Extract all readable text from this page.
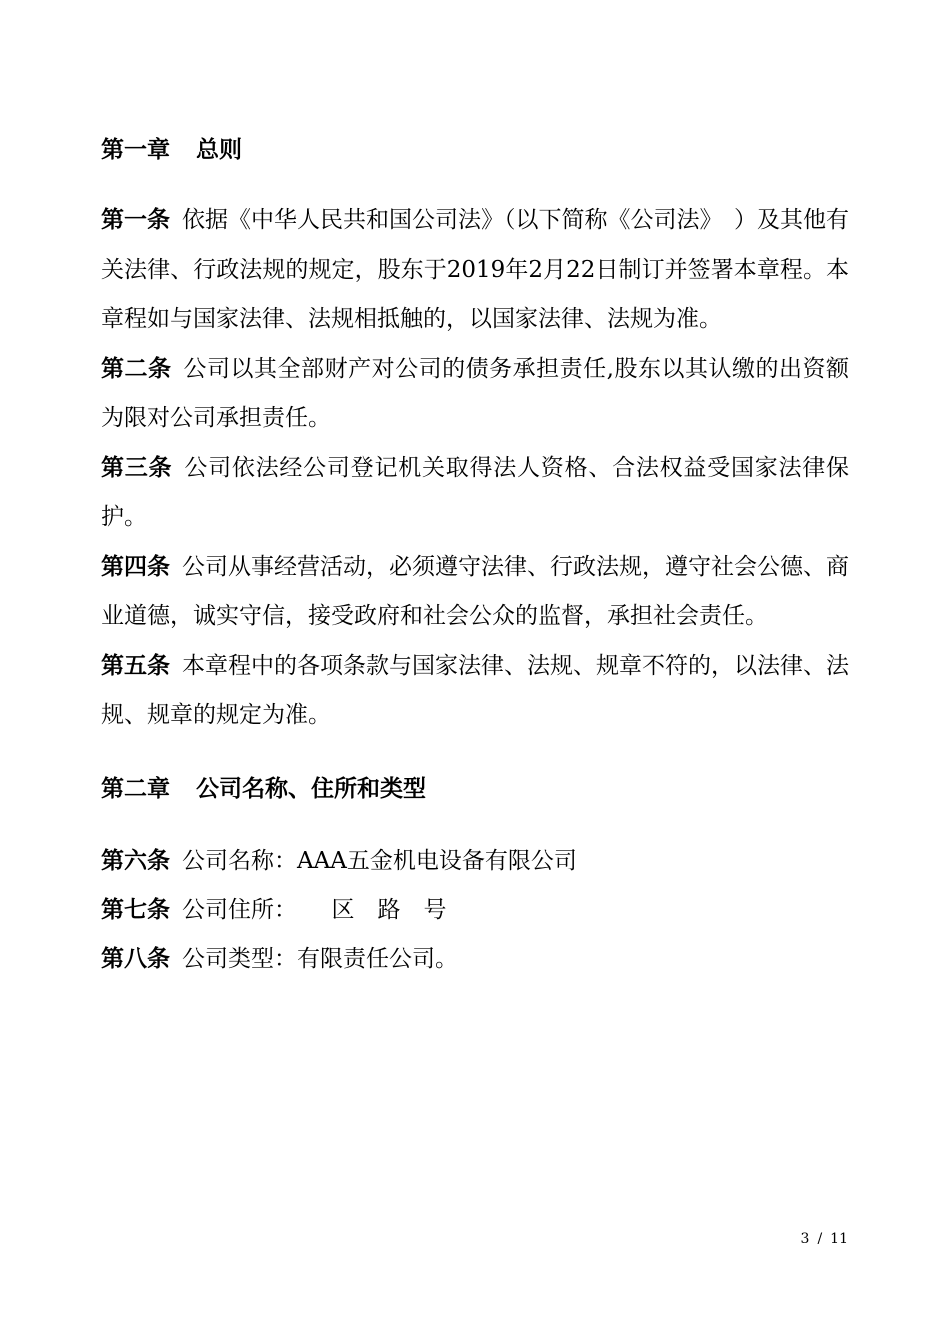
第一章 总则

第一条 依据《中华人民共和国公司法》（以下简称《公司法》　）及其他有关法律、行政法规的规定，股东于2019年2月22日制订并签署本章程。本章程如与国家法律、法规相抵触的，以国家法律、法规为准。

第二条 公司以其全部财产对公司的债务承担责任,股东以其认缴的出资额为限对公司承担责任。

第三条 公司依法经公司登记机关取得法人资格、合法权益受国家法律保护。

第四条 公司从事经营活动，必须遵守法律、行政法规，遵守社会公德、商业道德，诚实守信，接受政府和社会公众的监督，承担社会责任。

第五条 本章程中的各项条款与国家法律、法规、规章不符的，以法律、法规、规章的规定为准。

第二章 公司名称、住所和类型

第六条 公司名称：AAA五金机电设备有限公司

第七条 公司住所：　　区　路　号

第八条 公司类型：有限责任公司。

3 / 11
